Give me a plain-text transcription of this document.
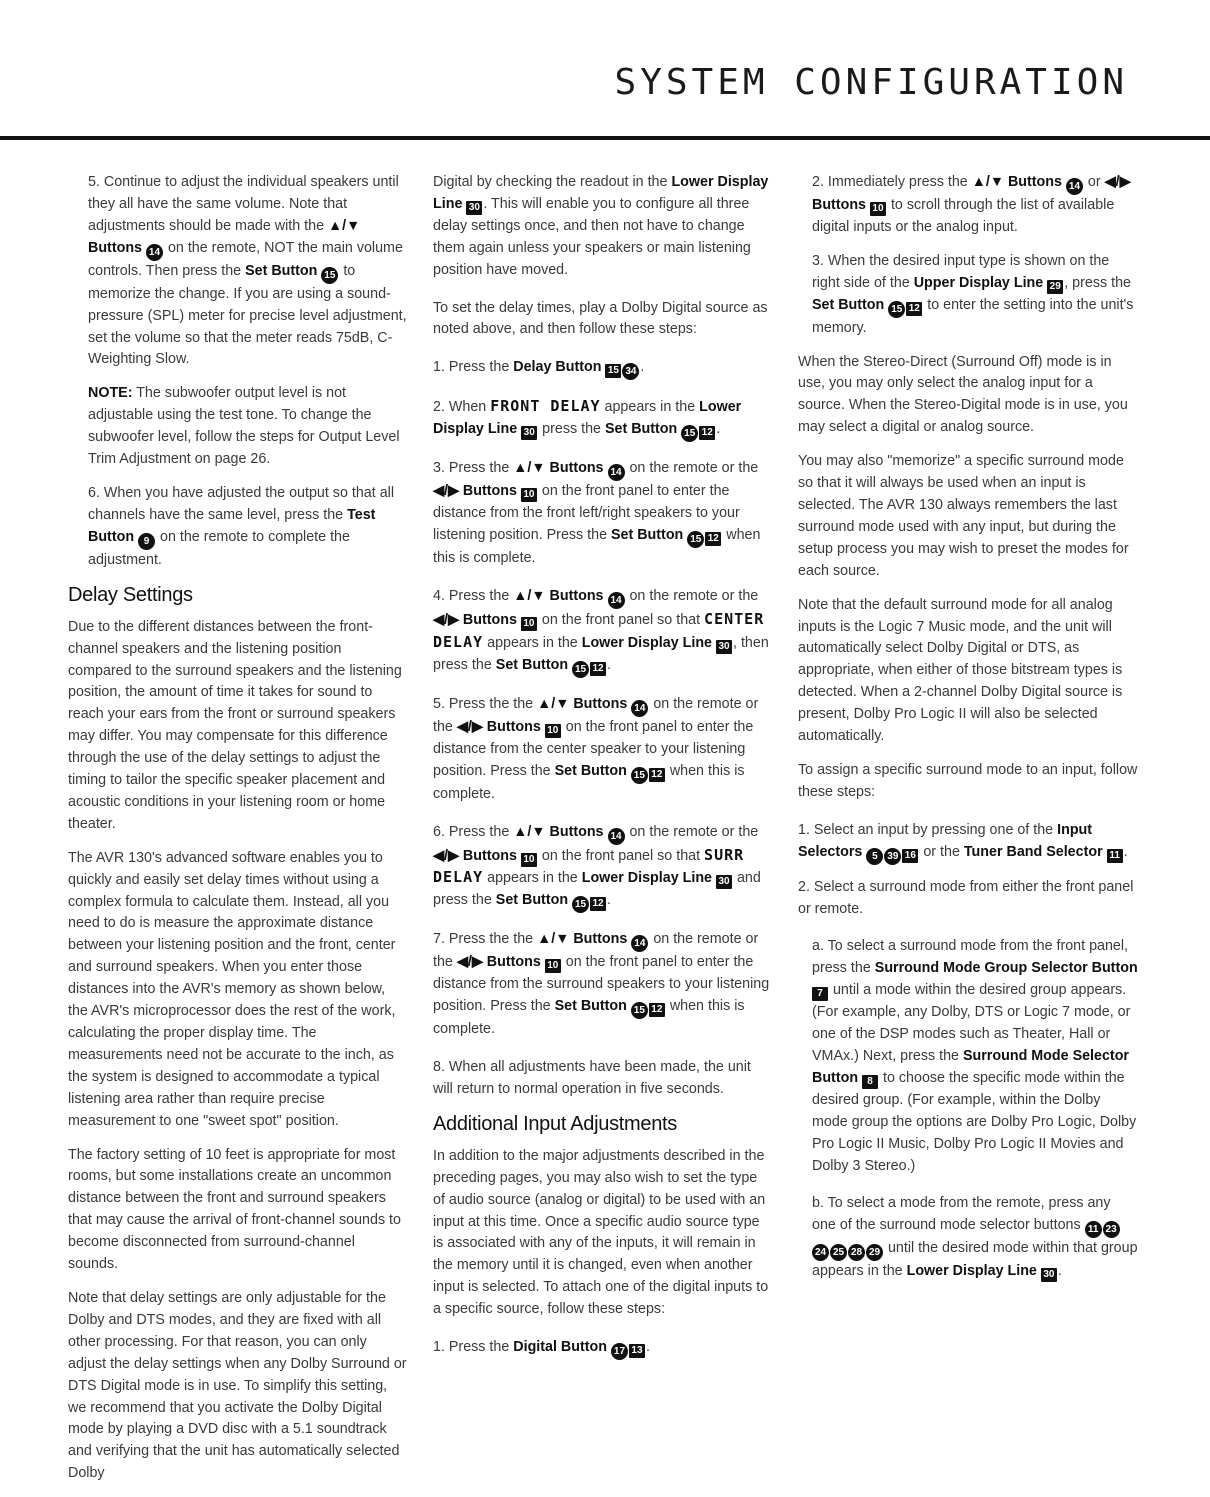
SYSTEM CONFIGURATION

5. Continue to adjust the individual speakers until they all have the same volume. Note that adjustments should be made with the ▲/▼ Buttons 14 on the remote, NOT the main volume controls. Then press the Set Button 15 to memorize the change. If you are using a sound-pressure (SPL) meter for precise level adjustment, set the volume so that the meter reads 75dB, C-Weighting Slow.

NOTE: The subwoofer output level is not adjustable using the test tone. To change the subwoofer level, follow the steps for Output Level Trim Adjustment on page 26.

6. When you have adjusted the output so that all channels have the same level, press the Test Button 9 on the remote to complete the adjustment.

Delay Settings

Due to the different distances between the front-channel speakers and the listening position compared to the surround speakers and the listening position, the amount of time it takes for sound to reach your ears from the front or surround speakers may differ. You may compensate for this difference through the use of the delay settings to adjust the timing to tailor the specific speaker placement and acoustic conditions in your listening room or home theater.

The AVR 130's advanced software enables you to quickly and easily set delay times without using a complex formula to calculate them. Instead, all you need to do is measure the approximate distance between your listening position and the front, center and surround speakers. When you enter those distances into the AVR's memory as shown below, the AVR's microprocessor does the rest of the work, calculating the proper display time. The measurements need not be accurate to the inch, as the system is designed to accommodate a typical listening area rather than require precise measurement to one "sweet spot" position.

The factory setting of 10 feet is appropriate for most rooms, but some installations create an uncommon distance between the front and surround speakers that may cause the arrival of front-channel sounds to become disconnected from surround-channel sounds.

Note that delay settings are only adjustable for the Dolby and DTS modes, and they are fixed with all other processing. For that reason, you can only adjust the delay settings when any Dolby Surround or DTS Digital mode is in use. To simplify this setting, we recommend that you activate the Dolby Digital mode by playing a DVD disc with a 5.1 soundtrack and verifying that the unit has automatically selected Dolby

Digital by checking the readout in the Lower Display Line 30 . This will enable you to configure all three delay settings once, and then not have to change them again unless your speakers or main listening position have moved.

To set the delay times, play a Dolby Digital source as noted above, and then follow these steps:

1. Press the Delay Button 15 34 .

2. When FRONT DELAY appears in the Lower Display Line 30 press the Set Button 15 12 .

3. Press the ▲/▼ Buttons 14 on the remote or the ◀/▶ Buttons 10 on the front panel to enter the distance from the front left/right speakers to your listening position. Press the Set Button 15 12 when this is complete.

4. Press the ▲/▼ Buttons 14 on the remote or the ◀/▶ Buttons 10 on the front panel so that CENTER DELAY appears in the Lower Display Line 30 , then press the Set Button 15 12 .

5. Press the the ▲/▼ Buttons 14 on the remote or the ◀/▶ Buttons 10 on the front panel to enter the distance from the center speaker to your listening position. Press the Set Button 15 12 when this is complete.

6. Press the ▲/▼ Buttons 14 on the remote or the ◀/▶ Buttons 10 on the front panel so that SURR DELAY appears in the Lower Display Line 30 and press the Set Button 15 12 .

7. Press the the ▲/▼ Buttons 14 on the remote or the ◀/▶ Buttons 10 on the front panel to enter the distance from the surround speakers to your listening position. Press the Set Button 15 12 when this is complete.

8. When all adjustments have been made, the unit will return to normal operation in five seconds.

Additional Input Adjustments

In addition to the major adjustments described in the preceding pages, you may also wish to set the type of audio source (analog or digital) to be used with an input at this time. Once a specific audio source type is associated with any of the inputs, it will remain in the memory until it is changed, even when another input is selected. To attach one of the digital inputs to a specific source, follow these steps:

1. Press the Digital Button 17 13 .

2. Immediately press the ▲/▼ Buttons 14 or ◀/▶ Buttons 10 to scroll through the list of available digital inputs or the analog input.

3. When the desired input type is shown on the right side of the Upper Display Line 29 , press the Set Button 15 12 to enter the setting into the unit's memory.

When the Stereo-Direct (Surround Off) mode is in use, you may only select the analog input for a source. When the Stereo-Digital mode is in use, you may select a digital or analog source.

You may also "memorize" a specific surround mode so that it will always be used when an input is selected. The AVR 130 always remembers the last surround mode used with any input, but during the setup process you may wish to preset the modes for each source.

Note that the default surround mode for all analog inputs is the Logic 7 Music mode, and the unit will automatically select Dolby Digital or DTS, as appropriate, when either of those bitstream types is detected. When a 2-channel Dolby Digital source is present, Dolby Pro Logic II will also be selected automatically.

To assign a specific surround mode to an input, follow these steps:

1. Select an input by pressing one of the Input Selectors 5 39 16 or the Tuner Band Selector 11 .

2. Select a surround mode from either the front panel or remote.

a. To select a surround mode from the front panel, press the Surround Mode Group Selector Button 7 until a mode within the desired group appears. (For example, any Dolby, DTS or Logic 7 mode, or one of the DSP modes such as Theater, Hall or VMAx.) Next, press the Surround Mode Selector Button 8 to choose the specific mode within the desired group. (For example, within the Dolby mode group the options are Dolby Pro Logic, Dolby Pro Logic II Music, Dolby Pro Logic II Movies and Dolby 3 Stereo.)

b. To select a mode from the remote, press any one of the surround mode selector buttons 11 2324 25 28 29 until the desired mode within that group appears in the Lower Display Line 30 .
